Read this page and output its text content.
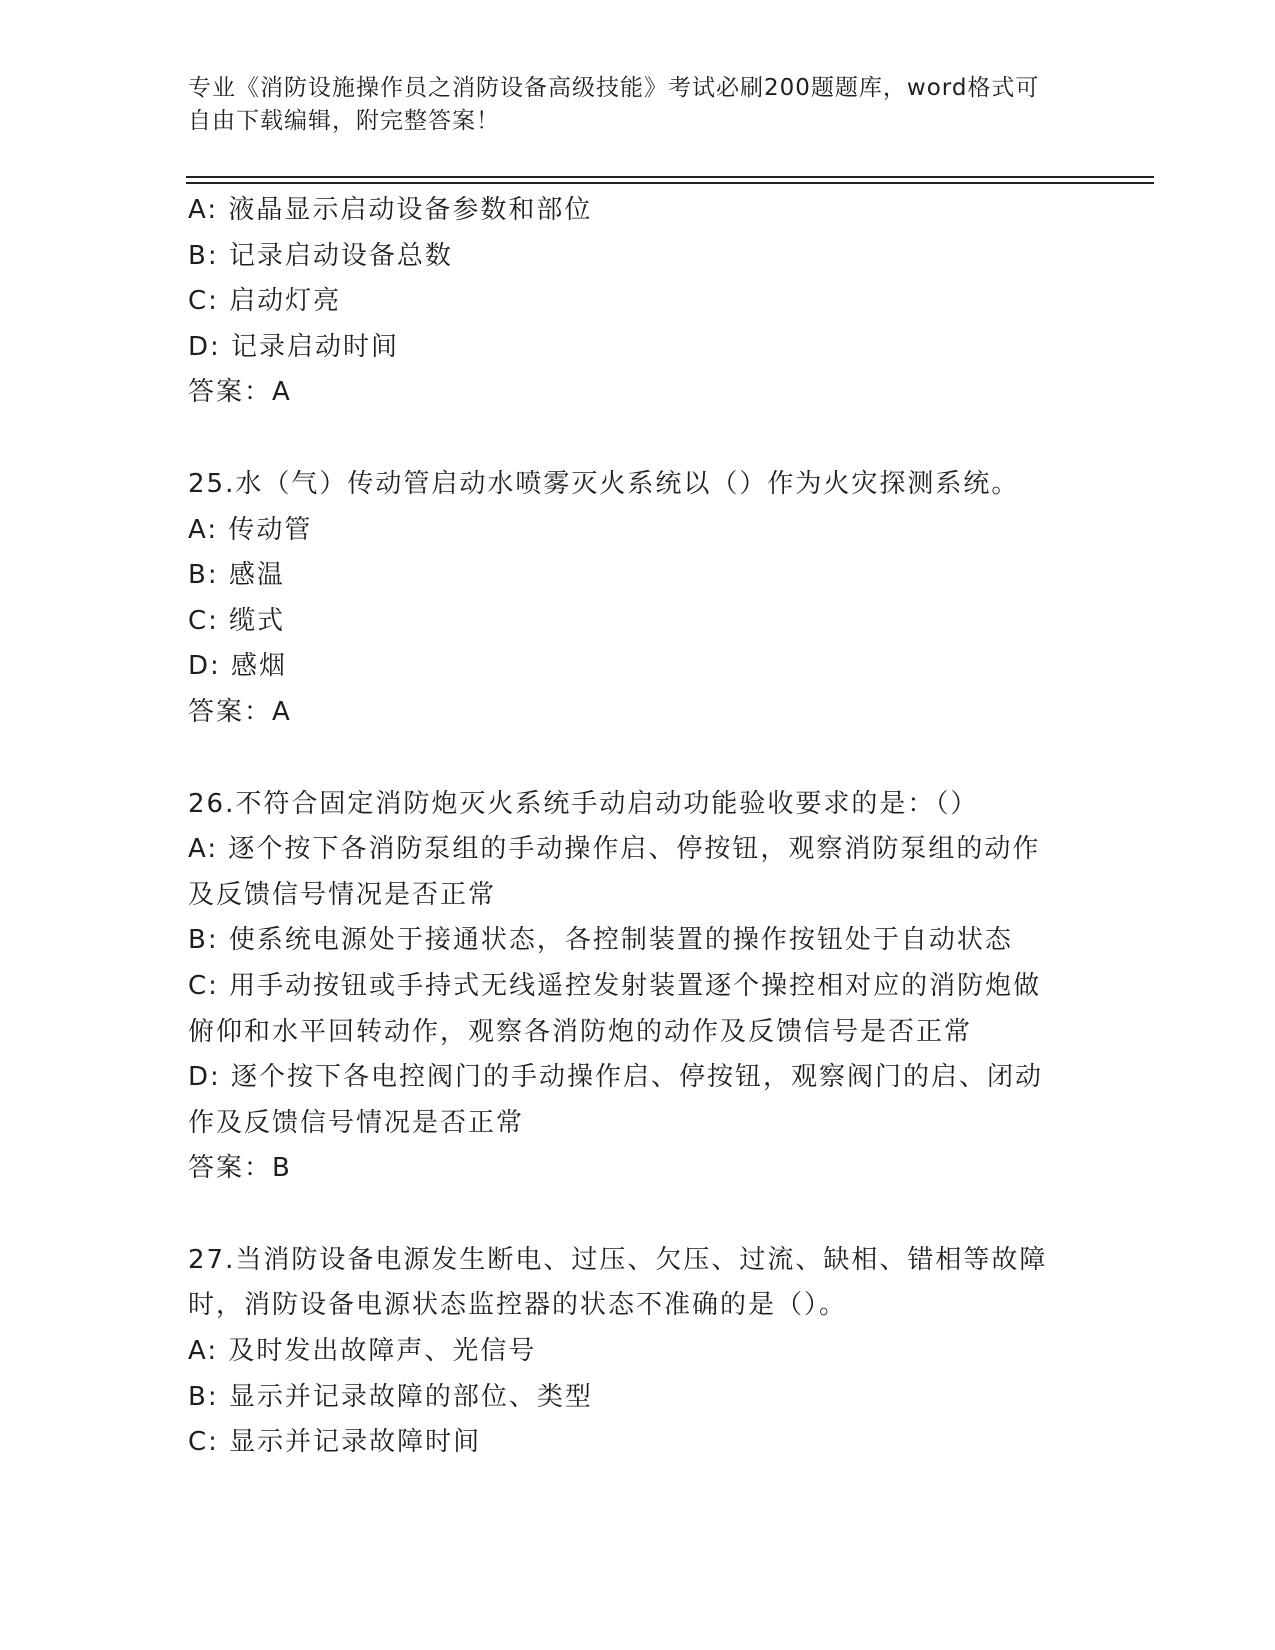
专业《消防设施操作员之消防设备高级技能》考试必刷200题题库，word格式可
自由下载编辑，附完整答案！
A: 液晶显示启动设备参数和部位
B: 记录启动设备总数
C: 启动灯亮
D: 记录启动时间
答案：A
25.水（气）传动管启动水喷雾灭火系统以（）作为火灾探测系统。
A: 传动管
B: 感温
C: 缆式
D: 感烟
答案：A
26.不符合固定消防炮灭火系统手动启动功能验收要求的是：（）
A: 逐个按下各消防泵组的手动操作启、停按钮，观察消防泵组的动作
及反馈信号情况是否正常
B: 使系统电源处于接通状态，各控制装置的操作按钮处于自动状态
C: 用手动按钮或手持式无线遥控发射装置逐个操控相对应的消防炮做
俯仰和水平回转动作，观察各消防炮的动作及反馈信号是否正常
D: 逐个按下各电控阀门的手动操作启、停按钮，观察阀门的启、闭动
作及反馈信号情况是否正常
答案：B
27.当消防设备电源发生断电、过压、欠压、过流、缺相、错相等故障
时，消防设备电源状态监控器的状态不准确的是（）。
A: 及时发出故障声、光信号
B: 显示并记录故障的部位、类型
C: 显示并记录故障时间
